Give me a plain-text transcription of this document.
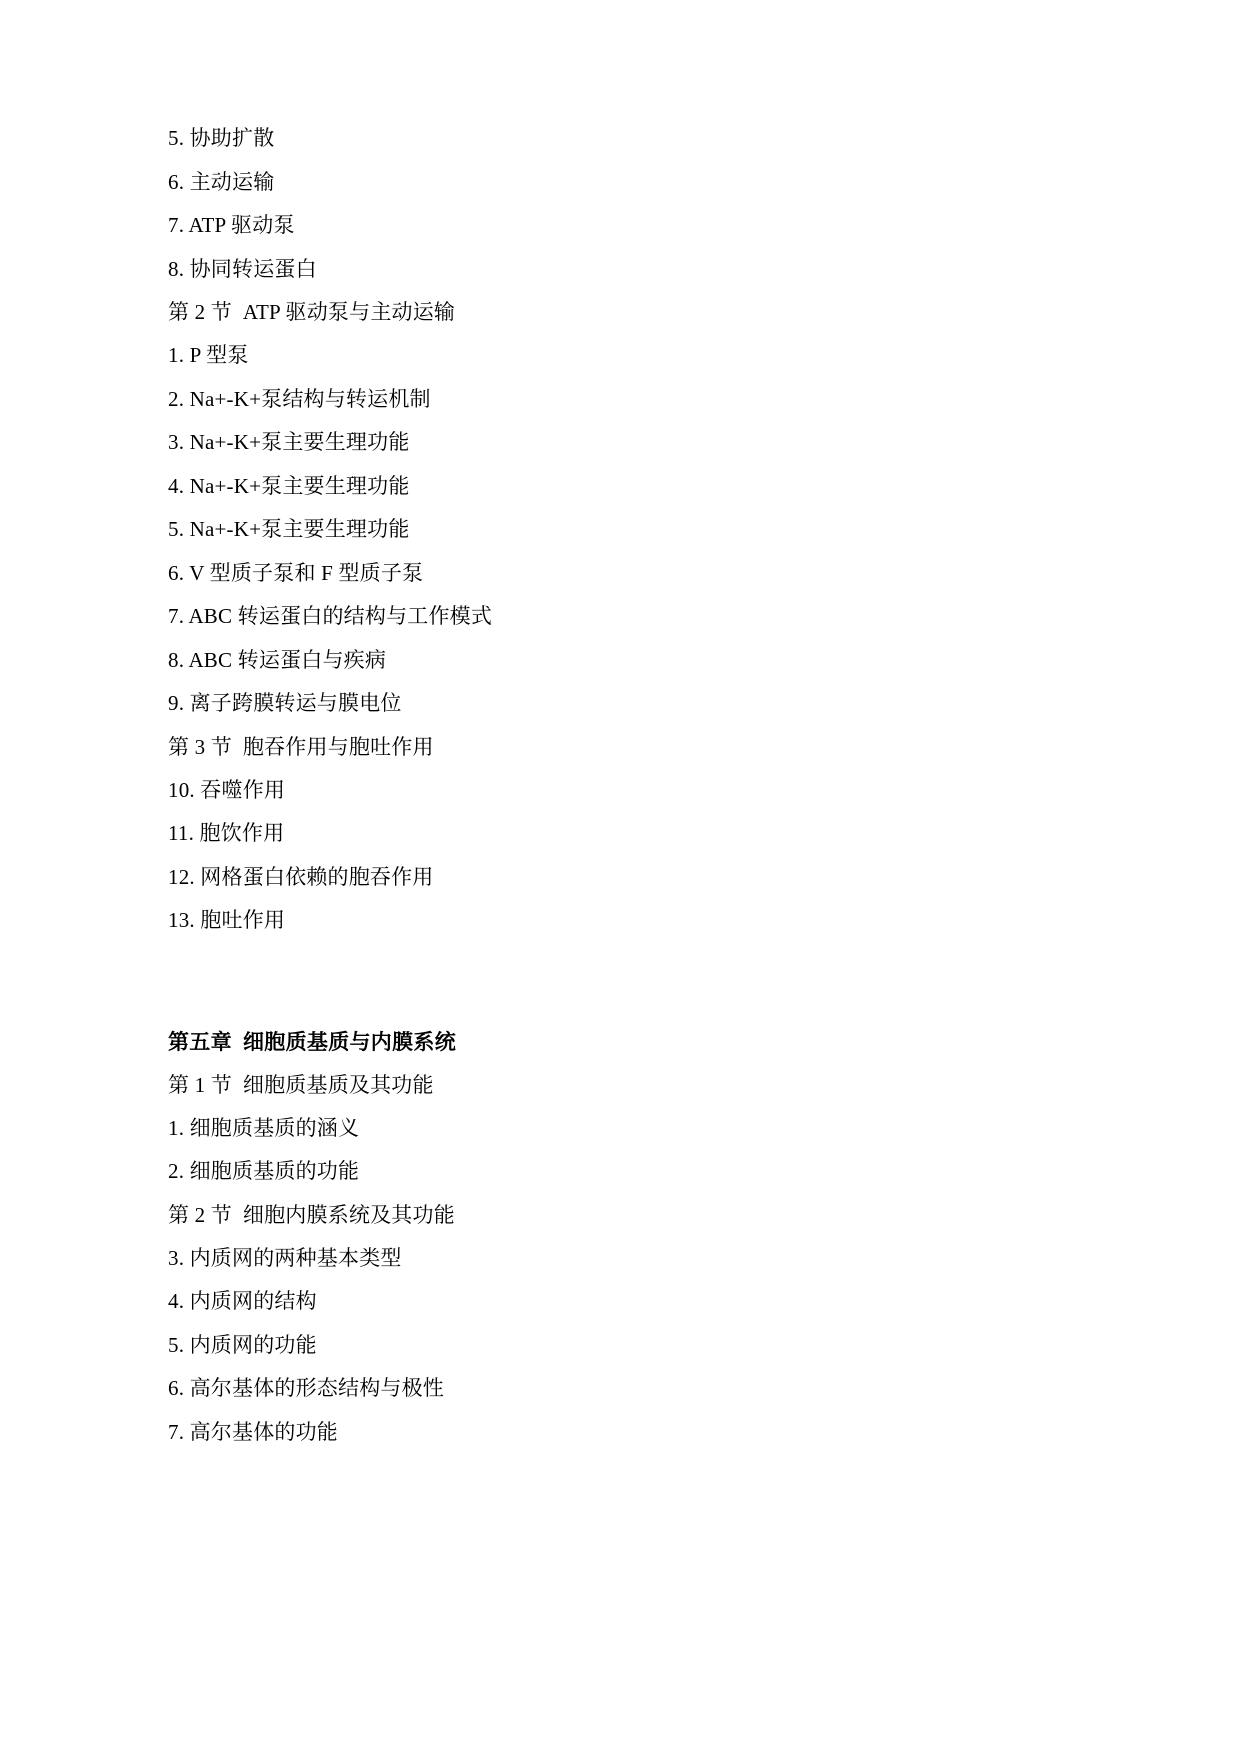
5. 协助扩散

6. 主动运输

7. ATP 驱动泵

8. 协同转运蛋白

第 2 节  ATP 驱动泵与主动运输

1. P 型泵

2. Na+-K+泵结构与转运机制

3. Na+-K+泵主要生理功能

4. Na+-K+泵主要生理功能

5. Na+-K+泵主要生理功能

6. V 型质子泵和 F 型质子泵

7. ABC 转运蛋白的结构与工作模式

8. ABC 转运蛋白与疾病

9. 离子跨膜转运与膜电位

第 3 节  胞吞作用与胞吐作用

10. 吞噬作用

11. 胞饮作用

12. 网格蛋白依赖的胞吞作用

13. 胞吐作用

第五章  细胞质基质与内膜系统

第 1 节  细胞质基质及其功能

1. 细胞质基质的涵义

2. 细胞质基质的功能

第 2 节  细胞内膜系统及其功能

3. 内质网的两种基本类型

4. 内质网的结构

5. 内质网的功能

6. 高尔基体的形态结构与极性

7. 高尔基体的功能
